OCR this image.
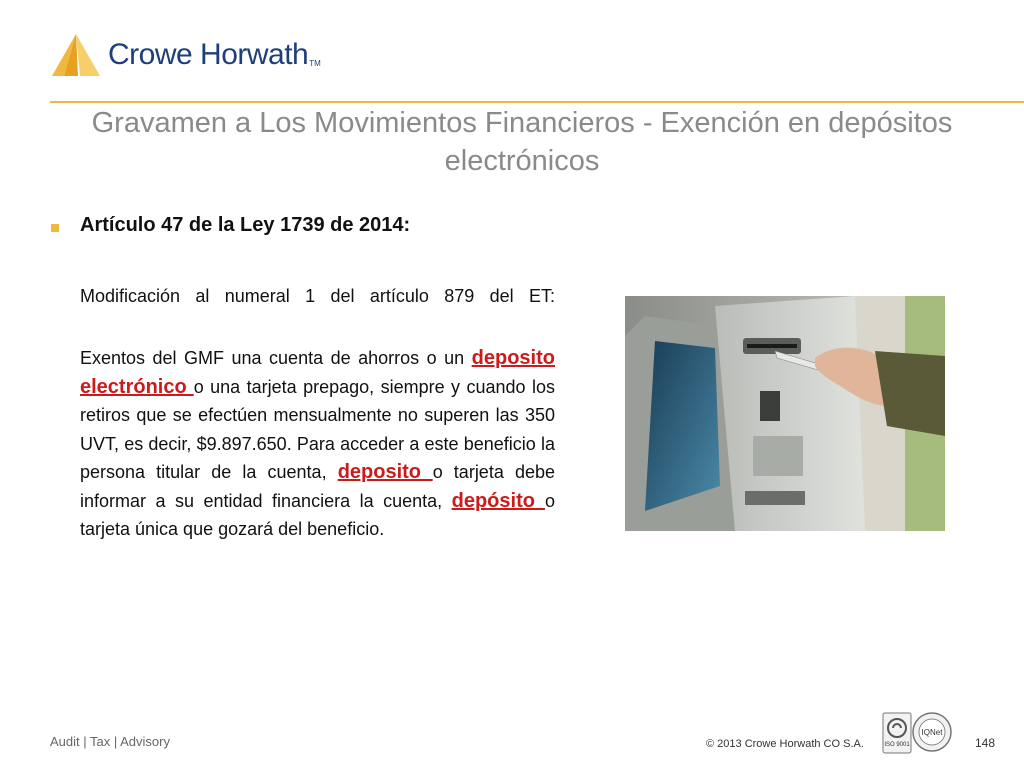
Crowe Horwath TM
Gravamen a Los Movimientos Financieros - Exención en depósitos electrónicos
Artículo 47 de la Ley 1739 de 2014:
Modificación al numeral 1 del artículo 879 del ET:
Exentos del GMF una cuenta de ahorros o un deposito electrónico o una tarjeta prepago, siempre y cuando los retiros que se efectúen mensualmente no superen las 350 UVT, es decir, $9.897.650. Para acceder a este beneficio la persona titular de la cuenta, deposito o tarjeta debe informar a su entidad financiera la cuenta, depósito o tarjeta única que gozará del beneficio.
Audit | Tax | Advisory	© 2013 Crowe Horwath CO S.A.	ISO 9001
IQNet
148
